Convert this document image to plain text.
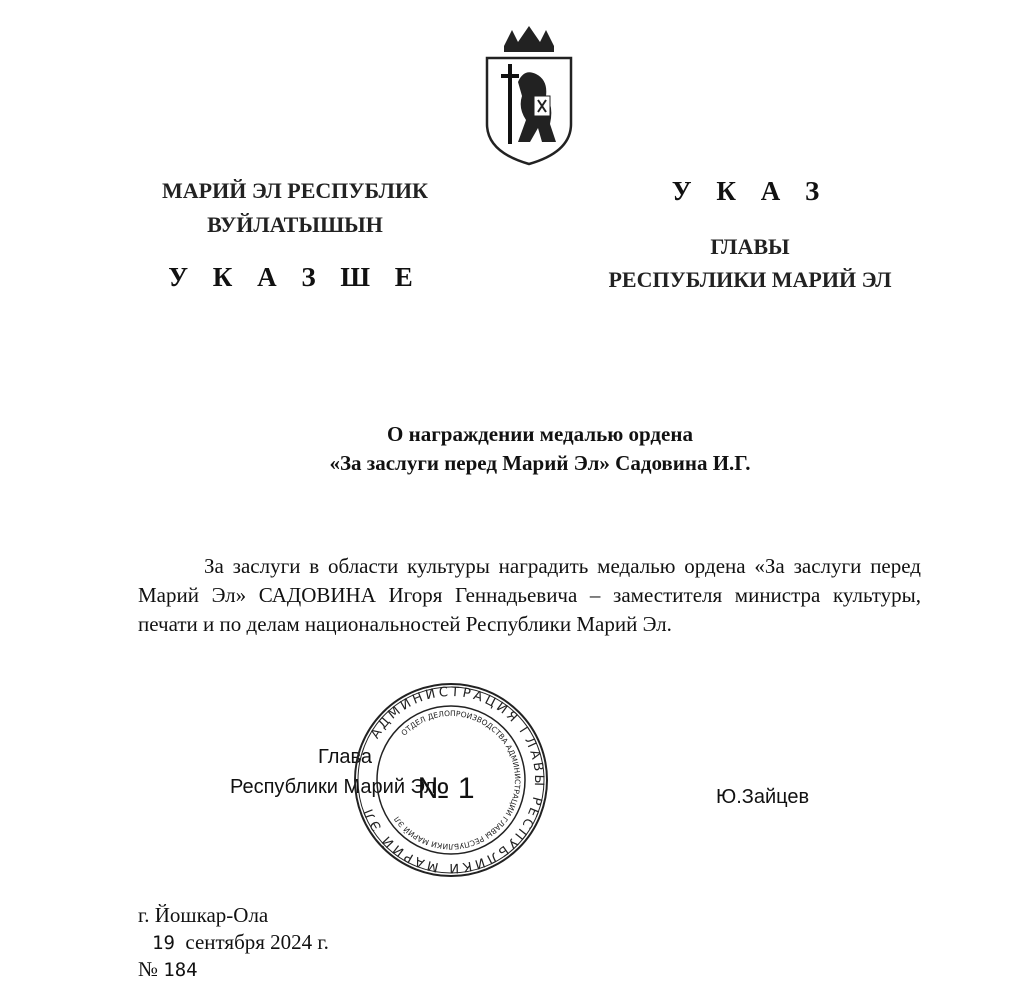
МАРИЙ ЭЛ РЕСПУБЛИК
ВУЙЛАТЫШЫН
У К А З Ш Е
У К А З
ГЛАВЫ
РЕСПУБЛИКИ МАРИЙ ЭЛ
О награждении медалью ордена
«За заслуги перед Марий Эл» Садовина И.Г.

За заслуги в области культуры наградить медалью ордена «За заслуги перед Марий Эл» САДОВИНА Игоря Геннадьевича – заместителя министра культуры, печати и по делам национальностей Республики Марий Эл.

Глава
Республики Марий Эл	Ю.Зайцев
АДМИНИСТРАЦИЯ ГЛАВЫ РЕСПУБЛИКИ МАРИЙ ЭЛ
ОТДЕЛ ДЕЛОПРОИЗВОДСТВА АДМИНИСТРАЦИИ ГЛАВЫ РЕСПУБЛИКИ МАРИЙ ЭЛ
№ 1
г. Йошкар-Ола
19 сентября 2024 г.
№ 184
